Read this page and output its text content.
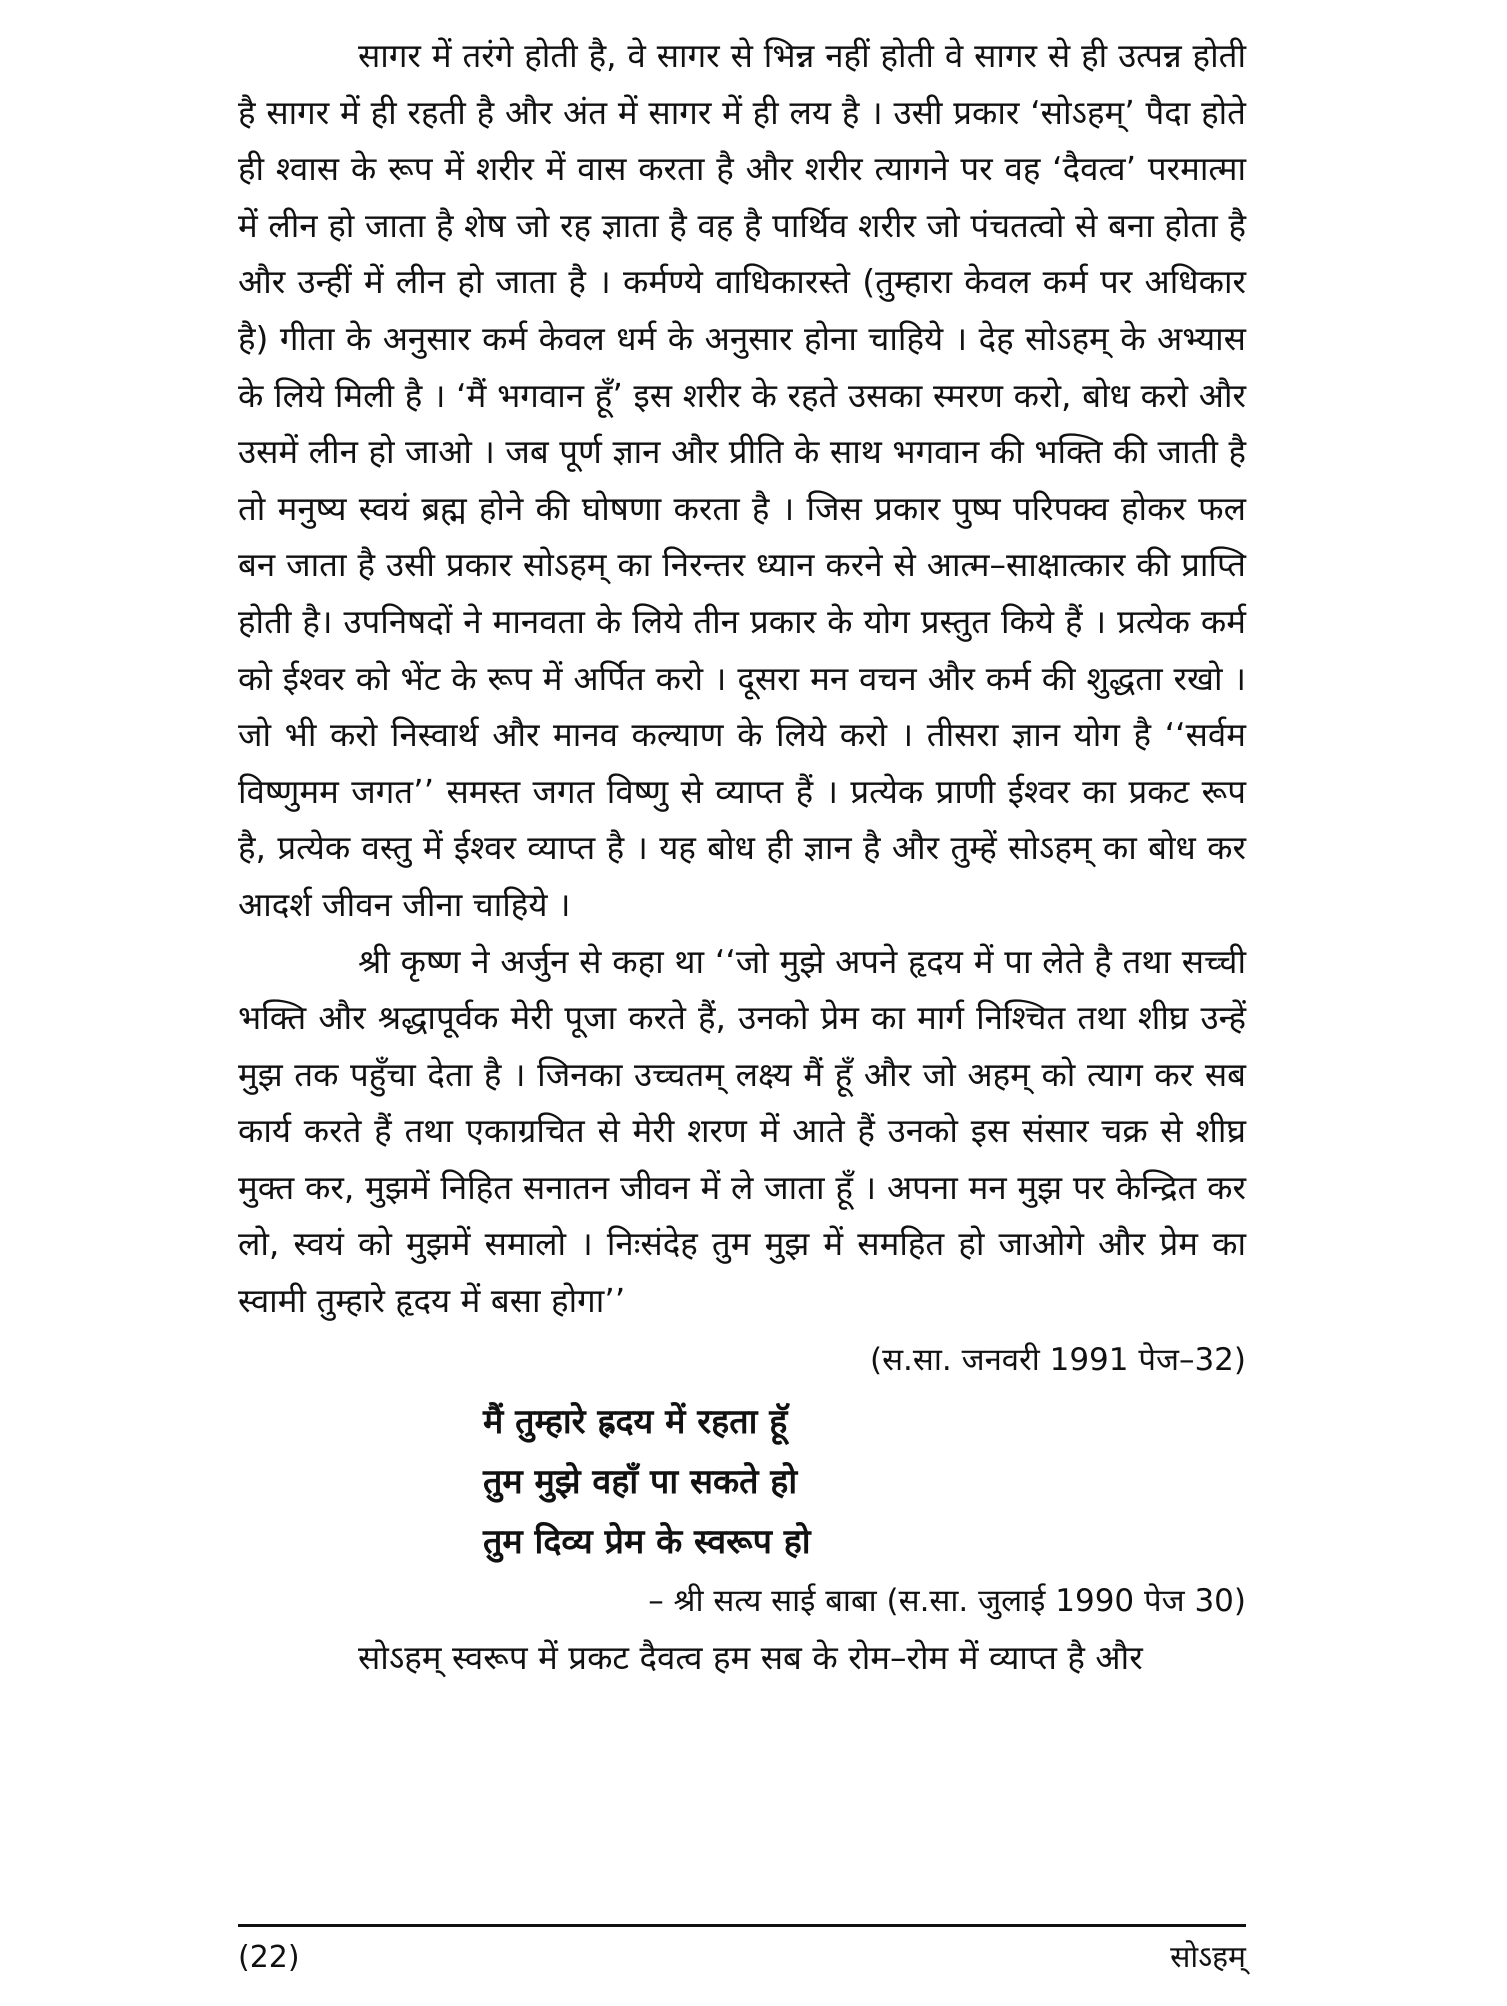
सागर में तरंगे होती है, वे सागर से भिन्न नहीं होती वे सागर से ही उत्पन्न होती है सागर में ही रहती है और अंत में सागर में ही लय है । उसी प्रकार ‘सोऽहम्’ पैदा होते ही श्वास के रूप में शरीर में वास करता है और शरीर त्यागने पर वह ‘दैवत्व’ परमात्मा में लीन हो जाता है शेष जो रह ज्ञाता है वह है पार्थिव शरीर जो पंचतत्वो से बना होता है और उन्हीं में लीन हो जाता है । कर्मण्ये वाधिकारस्ते (तुम्हारा केवल कर्म पर अधिकार है) गीता के अनुसार कर्म केवल धर्म के अनुसार होना चाहिये । देह सोऽहम् के अभ्यास के लिये मिली है । ‘मैं भगवान हूँ’ इस शरीर के रहते उसका स्मरण करो, बोध करो और उसमें लीन हो जाओ । जब पूर्ण ज्ञान और प्रीति के साथ भगवान की भक्ति की जाती है तो मनुष्य स्वयं ब्रह्म होने की घोषणा करता है । जिस प्रकार पुष्प परिपक्व होकर फल बन जाता है उसी प्रकार सोऽहम् का निरन्तर ध्यान करने से आत्म–साक्षात्कार की प्राप्ति होती है। उपनिषदों ने मानवता के लिये तीन प्रकार के योग प्रस्तुत किये हैं । प्रत्येक कर्म को ईश्वर को भेंट के रूप में अर्पित करो । दूसरा मन वचन और कर्म की शुद्धता रखो । जो भी करो निस्वार्थ और मानव कल्याण के लिये करो । तीसरा ज्ञान योग है ‘‘सर्वम विष्णुमम जगत’’ समस्त जगत विष्णु से व्याप्त हैं । प्रत्येक प्राणी ईश्वर का प्रकट रूप है, प्रत्येक वस्तु में ईश्वर व्याप्त है । यह बोध ही ज्ञान है और तुम्हें सोऽहम् का बोध कर आदर्श जीवन जीना चाहिये ।

श्री कृष्ण ने अर्जुन से कहा था ‘‘जो मुझे अपने हृदय में पा लेते है तथा सच्ची भक्ति और श्रद्धापूर्वक मेरी पूजा करते हैं, उनको प्रेम का मार्ग निश्चित तथा शीघ्र उन्हें मुझ तक पहुँचा देता है । जिनका उच्चतम् लक्ष्य मैं हूँ और जो अहम् को त्याग कर सब कार्य करते हैं तथा एकाग्रचित से मेरी शरण में आते हैं उनको इस संसार चक्र से शीघ्र मुक्त कर, मुझमें निहित सनातन जीवन में ले जाता हूँ । अपना मन मुझ पर केन्द्रित कर लो, स्वयं को मुझमें समालो । निःसंदेह तुम मुझ में समहित हो जाओगे और प्रेम का स्वामी तुम्हारे हृदय में बसा होगा’’

(स.सा. जनवरी 1991 पेज–32)

मैं तुम्हारे ह्रदय में रहता हूॅ
तुम मुझे वहाँ पा सकते हो
तुम दिव्य प्रेम के स्वरूप हो

– श्री सत्य साई बाबा (स.सा. जुलाई 1990 पेज 30)

सोऽहम् स्वरूप में प्रकट दैवत्व हम सब के रोम–रोम में व्याप्त है और

(22)	सोऽहम्
